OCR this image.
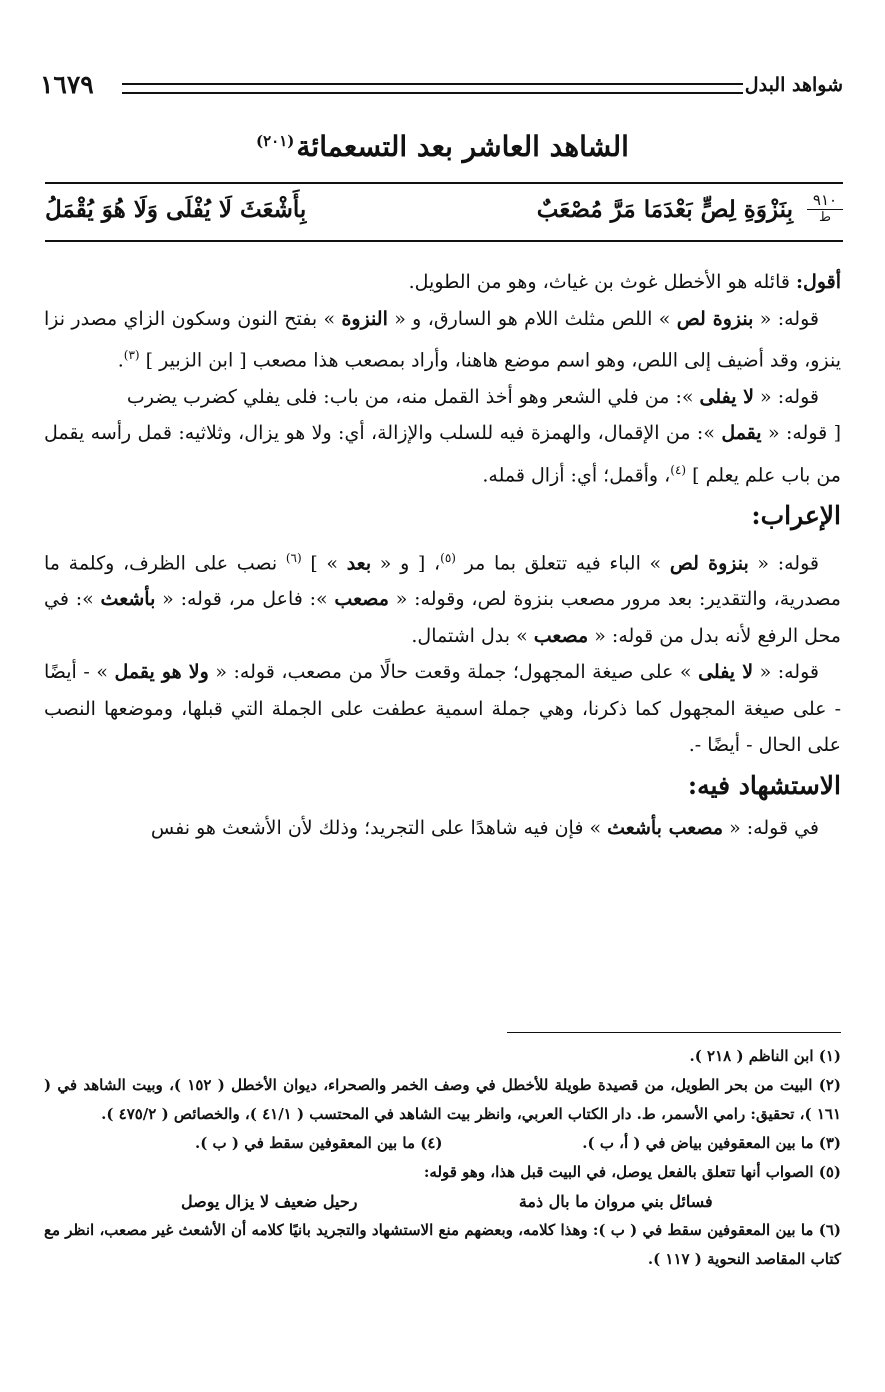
شواهد البدل
١٦٧٩
الشاهد العاشر بعد التسعمائة$^{(٢٠١)}$
٩١٠
ط
بِنَزْوَةِ لِصٍّ بَعْدَمَا مَرَّ مُصْعَبٌ
بِأَشْعَثَ لَا يُفْلَى وَلَا هُوَ يُقْمَلُ

أقول: قائله هو الأخطل غوث بن غياث، وهو من الطويل.

قوله: « بنزوة لص » اللص مثلث اللام هو السارق، و « النزوة » بفتح النون وسكون الزاي مصدر نزا ينزو، وقد أضيف إلى اللص، وهو اسم موضع هاهنا، وأراد بمصعب هذا مصعب [ ابن الزبير ] $^{(٣)}$.

قوله: « لا يفلى »: من فلي الشعر وهو أخذ القمل منه، من باب: فلى يفلي كضرب يضرب

[ قوله: « يقمل »: من الإقمال، والهمزة فيه للسلب والإزالة، أي: ولا هو يزال، وثلاثيه: قمل رأسه يقمل من باب علم يعلم ] $^{(٤)}$، وأقمل؛ أي: أزال قمله.

الإعراب:

قوله: « بنزوة لص » الباء فيه تتعلق بما مر $^{(٥)}$، [ و « بعد » ] $^{(٦)}$ نصب على الظرف، وكلمة ما مصدرية، والتقدير: بعد مرور مصعب بنزوة لص، وقوله: « مصعب »: فاعل مر، قوله: « بأشعث »: في محل الرفع لأنه بدل من قوله: « مصعب » بدل اشتمال.

قوله: « لا يفلى » على صيغة المجهول؛ جملة وقعت حالًا من مصعب، قوله: « ولا هو يقمل » - أيضًا - على صيغة المجهول كما ذكرنا، وهي جملة اسمية عطفت على الجملة التي قبلها، وموضعها النصب على الحال - أيضًا -.

الاستشهاد فيه:

في قوله: « مصعب بأشعث » فإن فيه شاهدًا على التجريد؛ وذلك لأن الأشعث هو نفس

(١) ابن الناظم ( ٢١٨ ).

(٢) البيت من بحر الطويل، من قصيدة طويلة للأخطل في وصف الخمر والصحراء، ديوان الأخطل ( ١٥٢ )، وبيت الشاهد في ( ١٦١ )، تحقيق: رامي الأسمر، ط. دار الكتاب العربي، وانظر بيت الشاهد في المحتسب ( ٤١/١ )، والخصائص ( ٤٧٥/٢ ).

(٣) ما بين المعقوفين بياض في ( أ، ب ).
(٤) ما بين المعقوفين سقط في ( ب ).

(٥) الصواب أنها تتعلق بالفعل يوصل، في البيت قبل هذا، وهو قوله:

فسائل بني مروان ما بال ذمة
رحيل ضعيف لا يزال يوصل

(٦) ما بين المعقوفين سقط في ( ب ): وهذا كلامه، وبعضهم منع الاستشهاد والتجريد بانيًا كلامه أن الأشعث غير مصعب، انظر مع كتاب المقاصد النحوية ( ١١٧ ).
